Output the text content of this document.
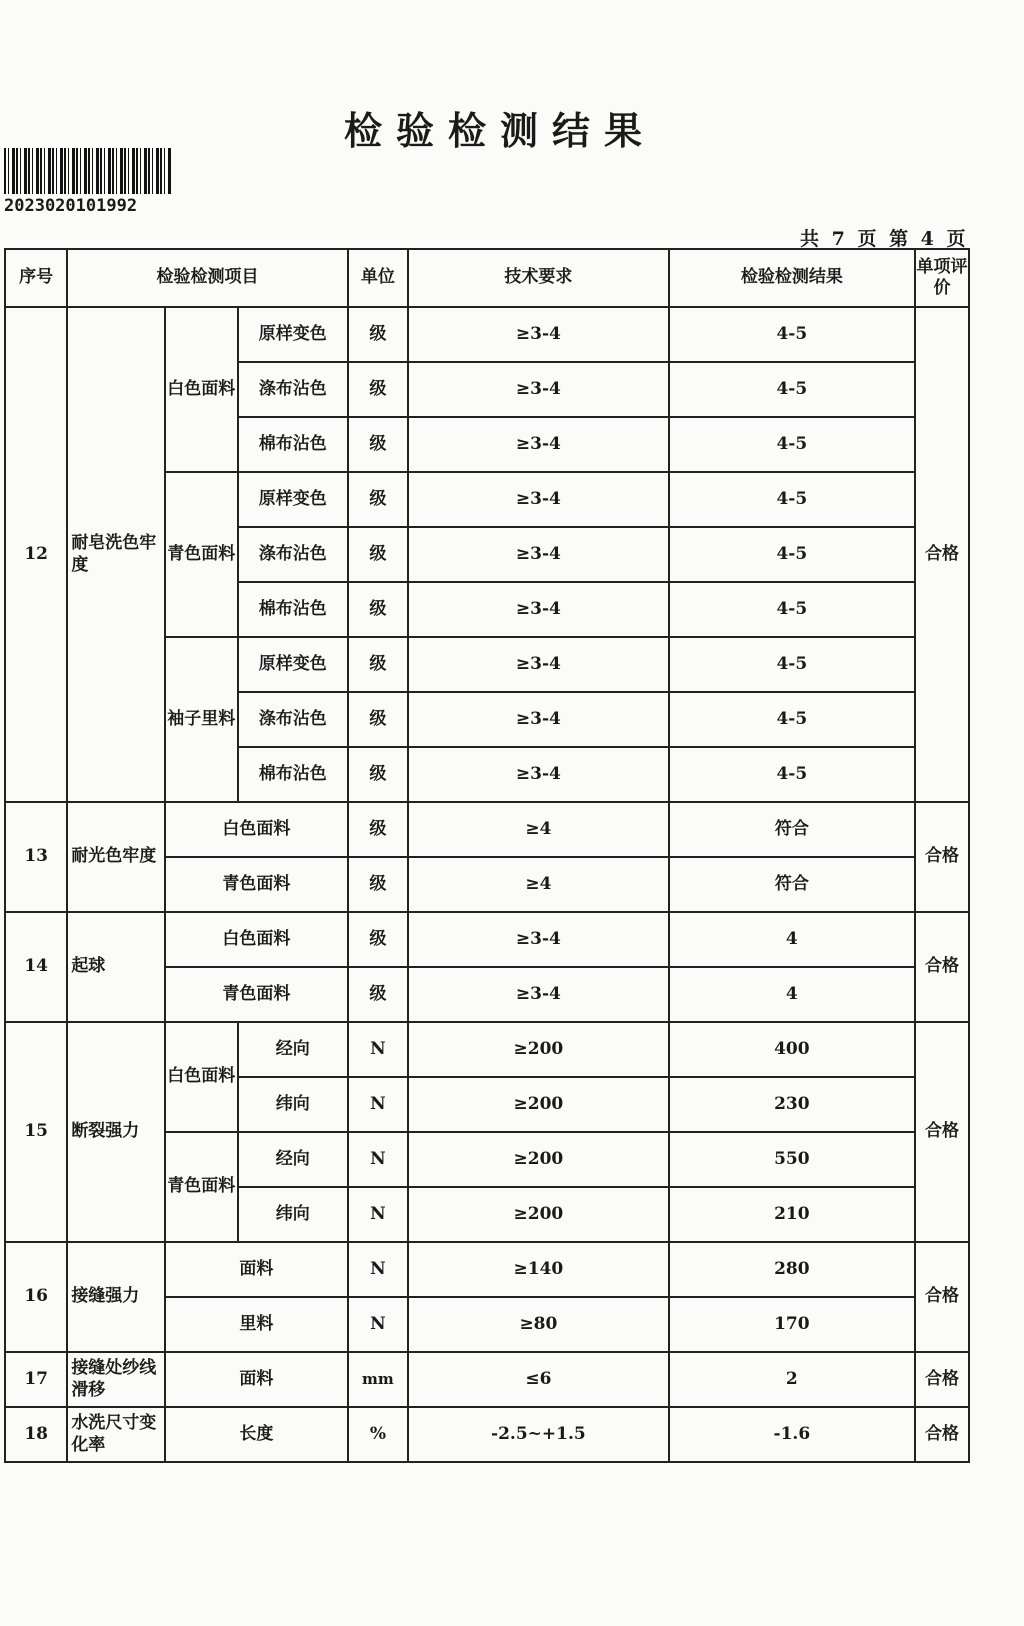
检验检测结果
2023020101992
共 7 页 第 4 页
序号	检验检测项目			单位	技术要求	检验检测结果	单项评价
12	耐皂洗色牢度	白色面料	原样变色	级	≥3-4	4-5	合格
			涤布沾色	级	≥3-4	4-5	
			棉布沾色	级	≥3-4	4-5	
		青色面料	原样变色	级	≥3-4	4-5	
			涤布沾色	级	≥3-4	4-5	
			棉布沾色	级	≥3-4	4-5	
		袖子里料	原样变色	级	≥3-4	4-5	
			涤布沾色	级	≥3-4	4-5	
			棉布沾色	级	≥3-4	4-5	
13	耐光色牢度	白色面料		级	≥4	符合	合格
		青色面料		级	≥4	符合	
14	起球	白色面料		级	≥3-4	4	合格
		青色面料		级	≥3-4	4	
15	断裂强力	白色面料	经向	N	≥200	400	合格
			纬向	N	≥200	230	
		青色面料	经向	N	≥200	550	
			纬向	N	≥200	210	
16	接缝强力	面料		N	≥140	280	合格
		里料		N	≥80	170	
17	接缝处纱线滑移	面料		mm	≤6	2	合格
18	水洗尺寸变化率	长度		%	-2.5~+1.5	-1.6	合格
